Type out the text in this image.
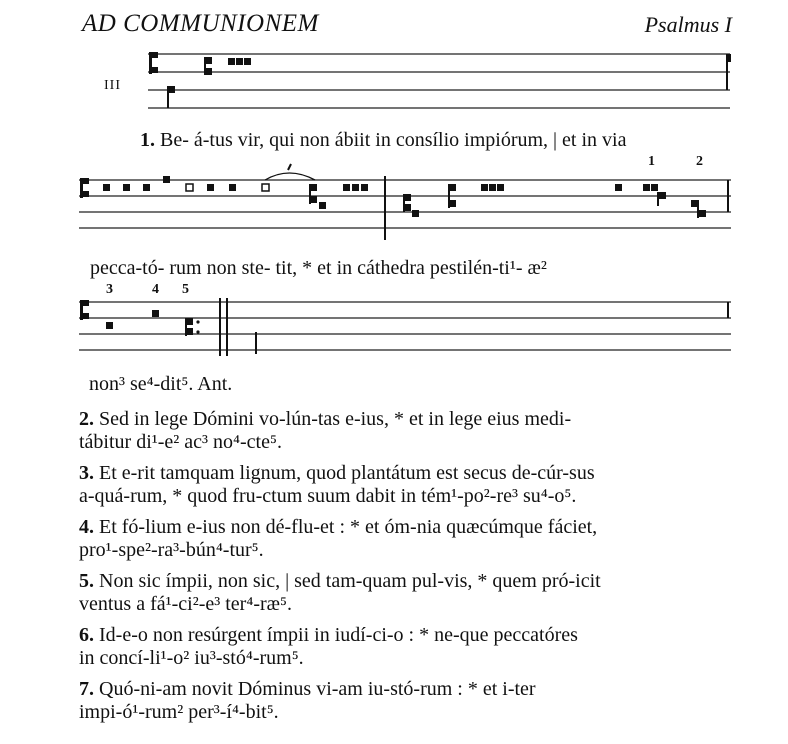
AD COMMUNIONEM	Psalmus I
III
1. Be- á-tus vir, qui non ábiit in consílio impiórum, | et in via
1	2
pecca-tó- rum non ste- tit, * et in cáthedra pestilén-ti¹- æ²
3	4 5
non³ se⁴-dit⁵. Ant.
2. Sed in lege Dómini vo-lún-tas e-ius, * et in lege eius medi-
tábitur di¹-e² ac³ no⁴-cte⁵.
3. Et e-rit tamquam lignum, quod plantátum est secus de-cúr-sus
a-quá-rum, * quod fru-ctum suum dabit in tém¹-po²-re³ su⁴-o⁵.
4. Et fó-lium e-ius non dé-flu-et : * et óm-nia quæcúmque fáciet,
pro¹-spe²-ra³-bún⁴-tur⁵.
5. Non sic ímpii, non sic, | sed tam-quam pul-vis, * quem pró-icit
ventus a fá¹-ci²-e³ ter⁴-ræ⁵.
6. Id-e-o non resúrgent ímpii in iudí-ci-o : * ne-que peccatóres
in concí-li¹-o² iu³-stó⁴-rum⁵.
7. Quó-ni-am novit Dóminus vi-am iu-stó-rum : * et i-ter
impi-ó¹-rum² per³-í⁴-bit⁵.
